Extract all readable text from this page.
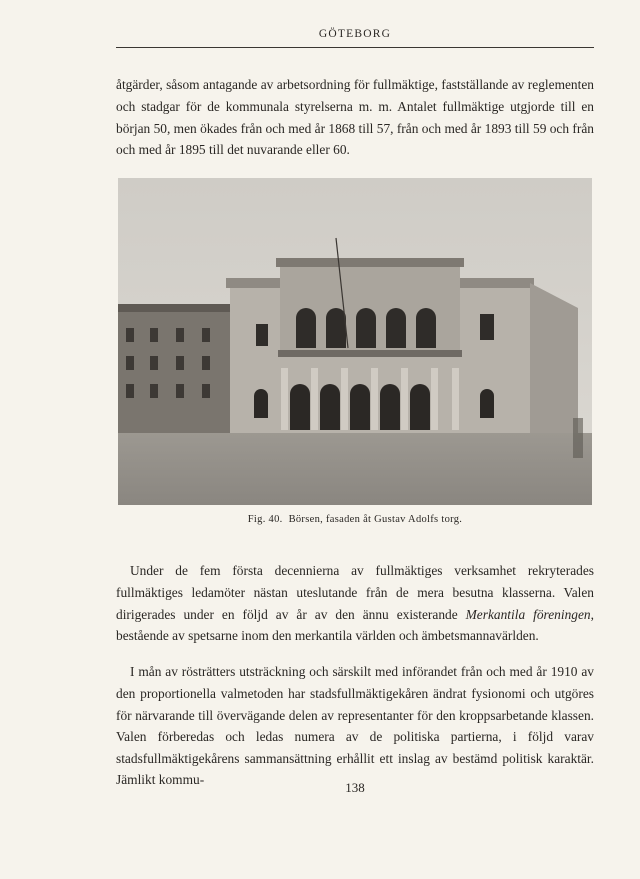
GÖTEBORG

åtgärder, såsom antagande av arbetsordning för fullmäktige, fastställande av reglementen och stadgar för de kommunala styrelserna m. m. Antalet fullmäktige utgjorde till en början 50, men ökades från och med år 1868 till 57, från och med år 1893 till 59 och från och med år 1895 till det nuvarande eller 60.

Fig. 40. Börsen, fasaden åt Gustav Adolfs torg.

Under de fem första decennierna av fullmäktiges verksamhet rekryterades fullmäktiges ledamöter nästan uteslutande från de mera besutna klasserna. Valen dirigerades under en följd av år av den ännu existerande Merkantila föreningen, bestående av spetsarne inom den merkantila världen och ämbetsmannavärlden.

I mån av rösträtters utsträckning och särskilt med införandet från och med år 1910 av den proportionella valmetoden har stadsfullmäktigekåren ändrat fysionomi och utgöres för närvarande till övervägande delen av representanter för den kroppsarbetande klassen. Valen förberedas och ledas numera av de politiska partierna, i följd varav stadsfullmäktigekårens sammansättning erhållit ett inslag av bestämd politisk karaktär. Jämlikt kommu-

138
